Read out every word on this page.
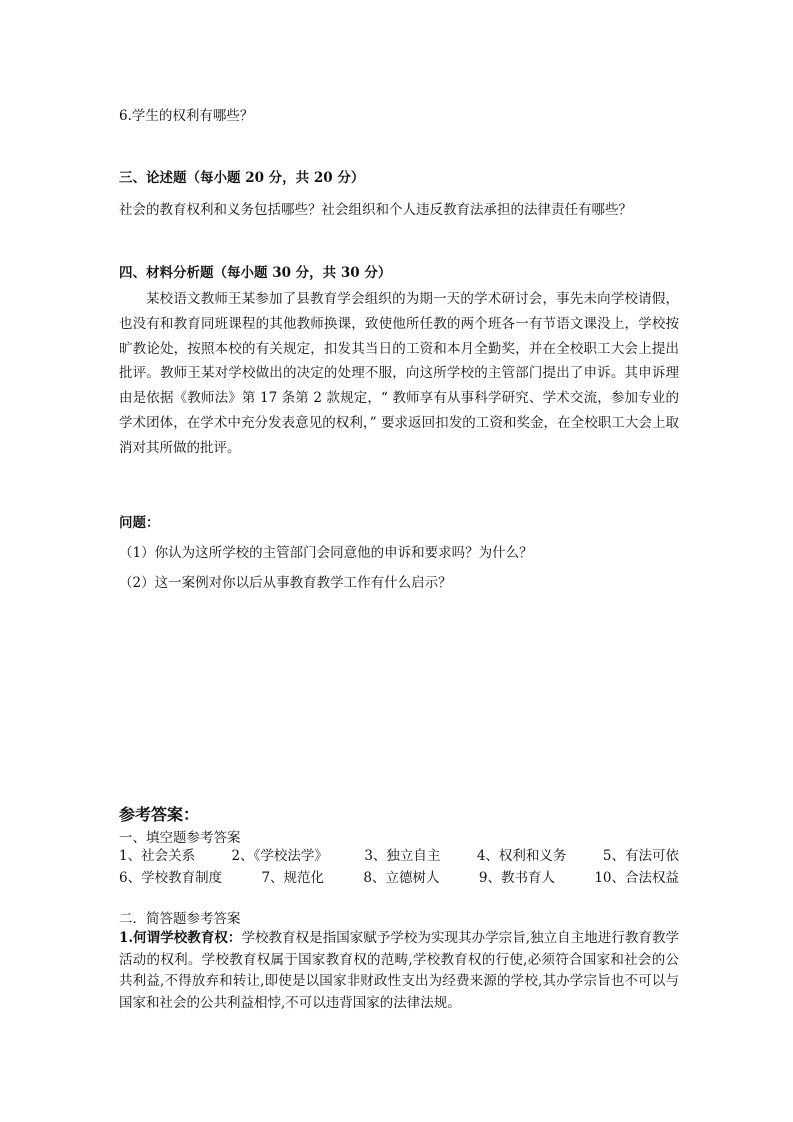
6.学生的权利有哪些？
三、论述题（每小题 20 分，共 20 分）
社会的教育权利和义务包括哪些？社会组织和个人违反教育法承担的法律责任有哪些？
四、材料分析题（每小题 30 分，共 30 分）

某校语文教师王某参加了县教育学会组织的为期一天的学术研讨会，事先未向学校请假，也没有和教育同班课程的其他教师换课，致使他所任教的两个班各一有节语文课没上，学校按旷教论处，按照本校的有关规定，扣发其当日的工资和本月全勤奖，并在全校职工大会上提出批评。教师王某对学校做出的决定的处理不服，向这所学校的主管部门提出了申诉。其申诉理由是依据《教师法》第 17 条第 2 款规定，“ 教师享有从事科学研究、学术交流，参加专业的学术团体，在学术中充分发表意见的权利，” 要求返回扣发的工资和奖金，在全校职工大会上取消对其所做的批评。

问题：
（1）你认为这所学校的主管部门会同意他的申诉和要求吗？为什么？
（2）这一案例对你以后从事教育教学工作有什么启示？
参考答案：
一、填空题参考答案
1、社会关系	2、《学校法学》	3、独立自主	4、权利和义务	5、有法可依
6、学校教育制度	7、规范化	8、立德树人	9、教书育人	10、合法权益
二．简答题参考答案
1.何谓学校教育权：学校教育权是指国家赋予学校为实现其办学宗旨,独立自主地进行教育教学活动的权利。学校教育权属于国家教育权的范畴,学校教育权的行使,必须符合国家和社会的公共利益,不得放弃和转让,即使是以国家非财政性支出为经费来源的学校,其办学宗旨也不可以与国家和社会的公共利益相悖,不可以违背国家的法律法规。
